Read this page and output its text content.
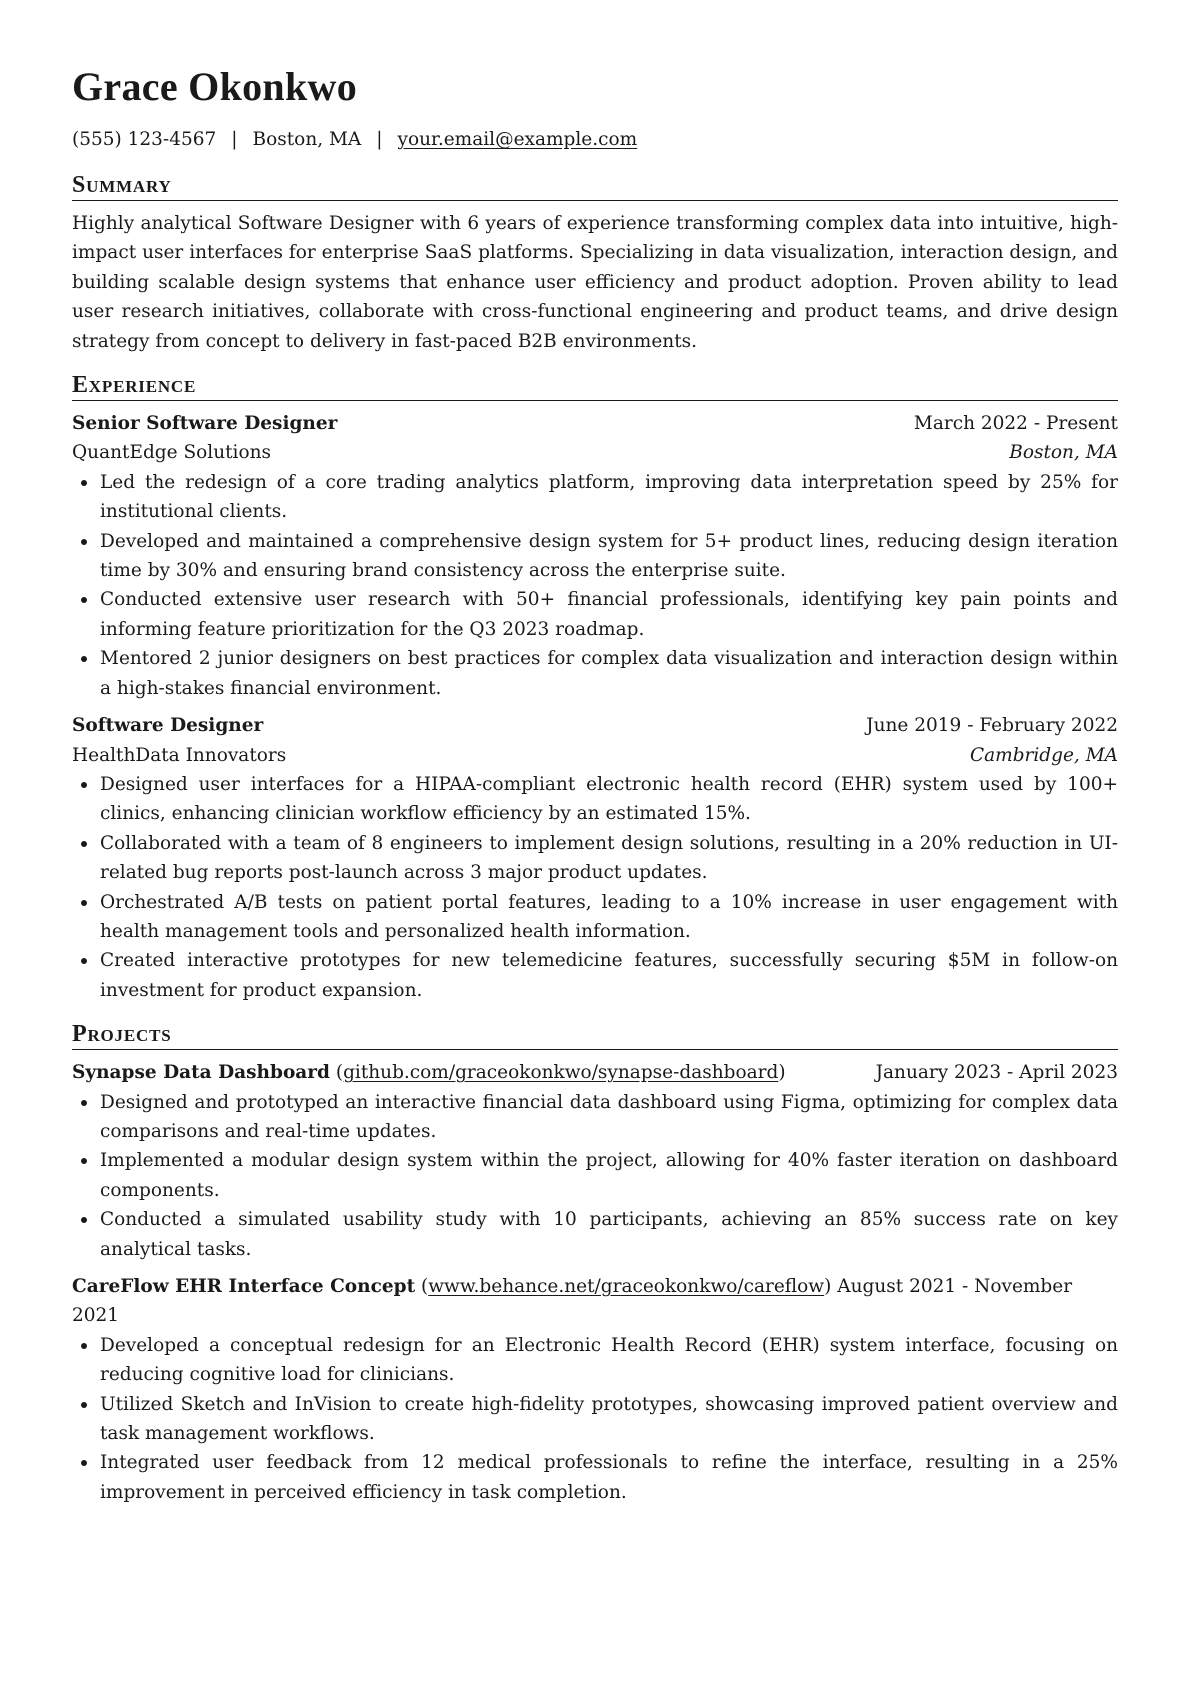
Grace Okonkwo
(555) 123-4567 | Boston, MA | your.email@example.com
Summary

Highly analytical Software Designer with 6 years of experience transforming complex data into intuitive, high-impact user interfaces for enterprise SaaS platforms. Specializing in data visualization, interaction design, and building scalable design systems that enhance user efficiency and product adoption. Proven ability to lead user research initiatives, collaborate with cross-functional engineering and product teams, and drive design strategy from concept to delivery in fast-paced B2B environments.

Experience
Senior Software Designer	March 2022 - Present
QuantEdge Solutions	Boston, MA
Led the redesign of a core trading analytics platform, improving data interpretation speed by 25% for institutional clients.
Developed and maintained a comprehensive design system for 5+ product lines, reducing design iteration time by 30% and ensuring brand consistency across the enterprise suite.
Conducted extensive user research with 50+ financial professionals, identifying key pain points and informing feature prioritization for the Q3 2023 roadmap.
Mentored 2 junior designers on best practices for complex data visualization and interaction design within a high-stakes financial environment.
Software Designer	June 2019 - February 2022
HealthData Innovators	Cambridge, MA
Designed user interfaces for a HIPAA-compliant electronic health record (EHR) system used by 100+ clinics, enhancing clinician workflow efficiency by an estimated 15%.
Collaborated with a team of 8 engineers to implement design solutions, resulting in a 20% reduction in UI-related bug reports post-launch across 3 major product updates.
Orchestrated A/B tests on patient portal features, leading to a 10% increase in user engagement with health management tools and personalized health information.
Created interactive prototypes for new telemedicine features, successfully securing $5M in follow-on investment for product expansion.
Projects
Synapse Data Dashboard (github.com/graceokonkwo/synapse-dashboard)	January 2023 - April 2023
Designed and prototyped an interactive financial data dashboard using Figma, optimizing for complex data comparisons and real-time updates.
Implemented a modular design system within the project, allowing for 40% faster iteration on dashboard components.
Conducted a simulated usability study with 10 participants, achieving an 85% success rate on key analytical tasks.
CareFlow EHR Interface Concept (www.behance.net/graceokonkwo/careflow) August 2021 - November 2021
Developed a conceptual redesign for an Electronic Health Record (EHR) system interface, focusing on reducing cognitive load for clinicians.
Utilized Sketch and InVision to create high-fidelity prototypes, showcasing improved patient overview and task management workflows.
Integrated user feedback from 12 medical professionals to refine the interface, resulting in a 25% improvement in perceived efficiency in task completion.
